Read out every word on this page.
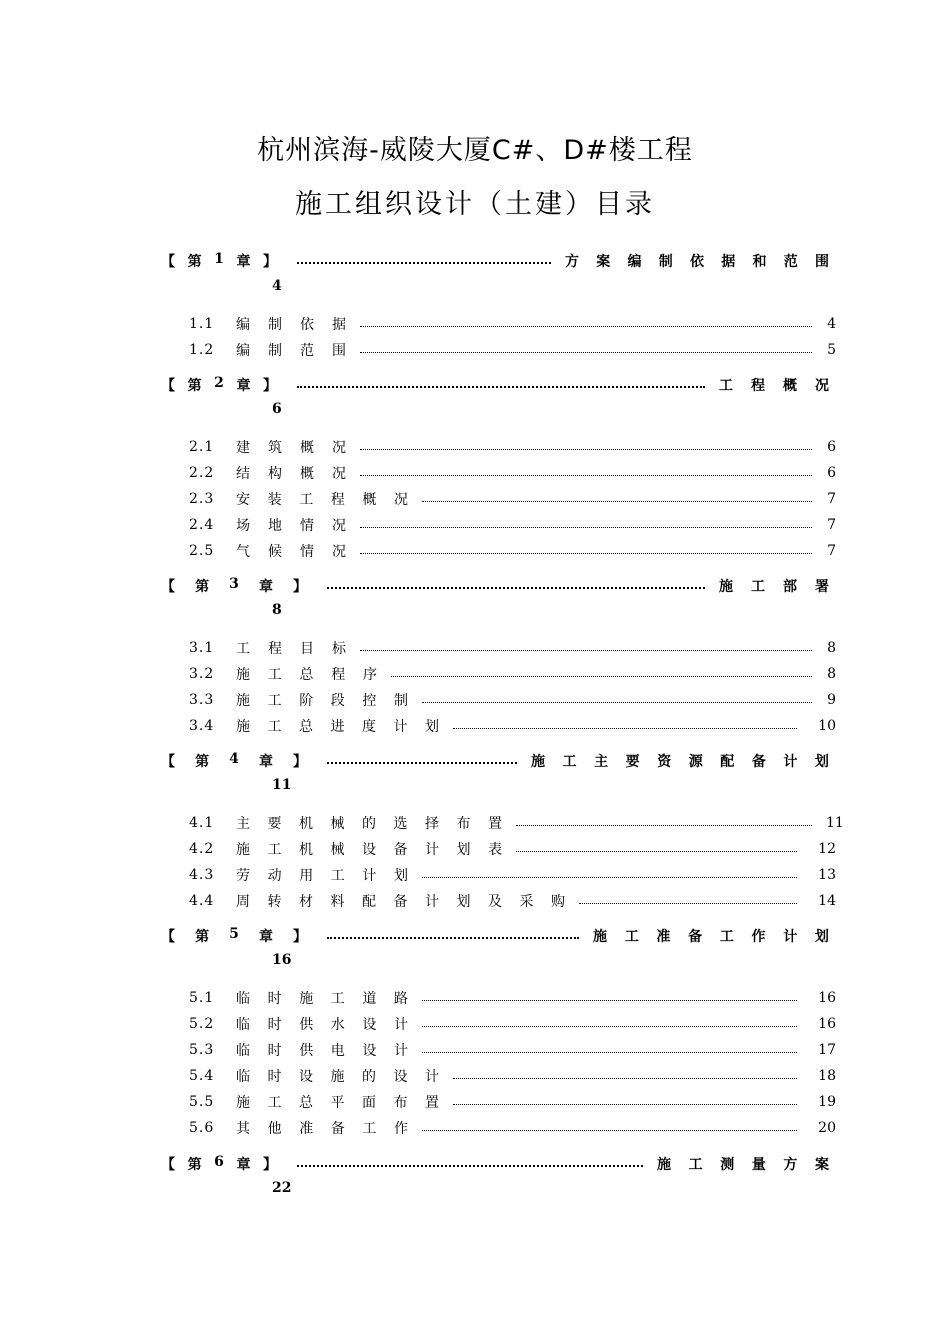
杭州滨海-威陵大厦C#、D#楼工程
施工组织设计（土建）目录
【 第 1 章 】	方 案 编 制 依 据 和 范 围
4
1.1	编 制 依 据	4
1.2	编 制 范 围	5
【 第 2 章 】	工 程 概 况
6
2.1	建 筑 概 况	6
2.2	结 构 概 况	6
2.3	安 装 工 程 概 况	7
2.4	场 地 情 况	7
2.5	气 候 情 况	7
【 第 3 章 】	施 工 部 署
8
3.1	工 程 目 标	8
3.2	施 工 总 程 序	8
3.3	施 工 阶 段 控 制	9
3.4	施 工 总 进 度 计 划	10
【 第 4 章 】	施 工 主 要 资 源 配 备 计 划
11
4.1	主 要 机 械 的 选 择 布 置	11
4.2	施 工 机 械 设 备 计 划 表	12
4.3	劳 动 用 工 计 划	13
4.4	周 转 材 料 配 备 计 划 及 采 购	14
【 第 5 章 】	施 工 准 备 工 作 计 划
16
5.1	临 时 施 工 道 路	16
5.2	临 时 供 水 设 计	16
5.3	临 时 供 电 设 计	17
5.4	临 时 设 施 的 设 计	18
5.5	施 工 总 平 面 布 置	19
5.6	其 他 准 备 工 作	20
【 第 6 章 】	施 工 测 量 方 案
22
